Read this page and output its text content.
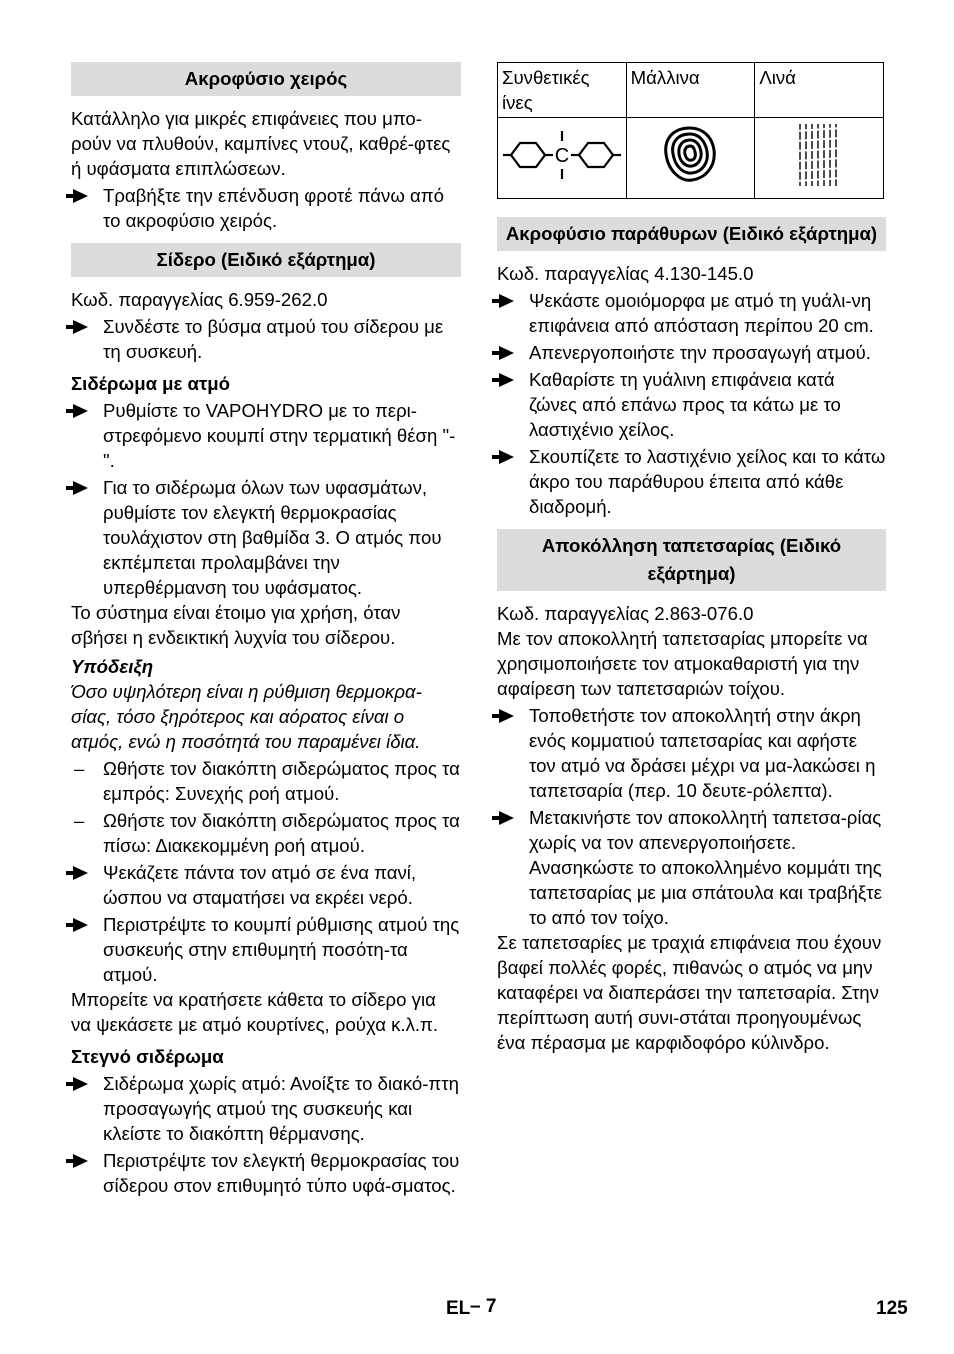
Ακροφύσιο χειρός

Κατάλληλο για μικρές επιφάνειες που μπο-ρούν να πλυθούν, καμπίνες ντουζ, καθρέ-φτες ή υφάσματα επιπλώσεων.

Τραβήξτε την επένδυση φροτέ πάνω από το ακροφύσιο χειρός.
Σίδερο (Ειδικό εξάρτημα)

Κωδ. παραγγελίας 6.959-262.0

Συνδέστε το βύσμα ατμού του σίδερου με τη συσκευή.

Σιδέρωμα με ατμό

Ρυθμίστε το VAPOHYDRO με το περι-στρεφόμενο κουμπί στην τερματική θέση "-".
Για το σιδέρωμα όλων των υφασμάτων, ρυθμίστε τον ελεγκτή θερμοκρασίας τουλάχιστον στη βαθμίδα 3. Ο ατμός που εκπέμπεται προλαμβάνει την υπερθέρμανση του υφάσματος.

Το σύστημα είναι έτοιμο για χρήση, όταν σβήσει η ενδεικτική λυχνία του σίδερου.

Υπόδειξη

Όσο υψηλότερη είναι η ρύθμιση θερμοκρα-σίας, τόσο ξηρότερος και αόρατος είναι ο ατμός, ενώ η ποσότητά του παραμένει ίδια.

–	Ωθήστε τον διακόπτη σιδερώματος προς τα εμπρός: Συνεχής ροή ατμού.
–	Ωθήστε τον διακόπτη σιδερώματος προς τα πίσω: Διακεκομμένη ροή ατμού.
Ψεκάζετε πάντα τον ατμό σε ένα πανί, ώσπου να σταματήσει να εκρέει νερό.
Περιστρέψτε το κουμπί ρύθμισης ατμού της συσκευής στην επιθυμητή ποσότη-τα ατμού.

Μπορείτε να κρατήσετε κάθετα το σίδερο για να ψεκάσετε με ατμό κουρτίνες, ρούχα κ.λ.π.

Στεγνό σιδέρωμα

Σιδέρωμα χωρίς ατμό: Ανοίξτε το διακό-πτη προσαγωγής ατμού της συσκευής και κλείστε το διακόπτη θέρμανσης.
Περιστρέψτε τον ελεγκτή θερμοκρασίας του σίδερου στον επιθυμητό τύπο υφά-σματος.
Συνθετικές ίνες	Μάλλινα	Λινά

C

Ακροφύσιο παράθυρων (Ειδικό εξάρτημα)

Κωδ. παραγγελίας 4.130-145.0

Ψεκάστε ομοιόμορφα με ατμό τη γυάλι-νη επιφάνεια από απόσταση περίπου 20 cm.
Απενεργοποιήστε την προσαγωγή ατμού.
Καθαρίστε τη γυάλινη επιφάνεια κατά ζώνες από επάνω προς τα κάτω με το λαστιχένιο χείλος.
Σκουπίζετε το λαστιχένιο χείλος και το κάτω άκρο του παράθυρου έπειτα από κάθε διαδρομή.
Αποκόλληση ταπετσαρίας (Ειδικό εξάρτημα)

Κωδ. παραγγελίας 2.863-076.0

Με τον αποκολλητή ταπετσαρίας μπορείτε να χρησιμοποιήσετε τον ατμοκαθαριστή για την αφαίρεση των ταπετσαριών τοίχου.

Τοποθετήστε τον αποκολλητή στην άκρη ενός κομματιού ταπετσαρίας και αφήστε τον ατμό να δράσει μέχρι να μα-λακώσει η ταπετσαρία (περ. 10 δευτε-ρόλεπτα).
Μετακινήστε τον αποκολλητή ταπετσα-ρίας χωρίς να τον απενεργοποιήσετε. Ανασηκώστε το αποκολλημένο κομμάτι της ταπετσαρίας με μια σπάτουλα και τραβήξτε το από τον τοίχο.

Σε ταπετσαρίες με τραχιά επιφάνεια που έχουν βαφεί πολλές φορές, πιθανώς ο ατμός να μην καταφέρει να διαπεράσει την ταπετσαρία. Στην περίπτωση αυτή συνι-στάται προηγουμένως ένα πέρασμα με καρφιδοφόρο κύλινδρο.

EL – 7	125
